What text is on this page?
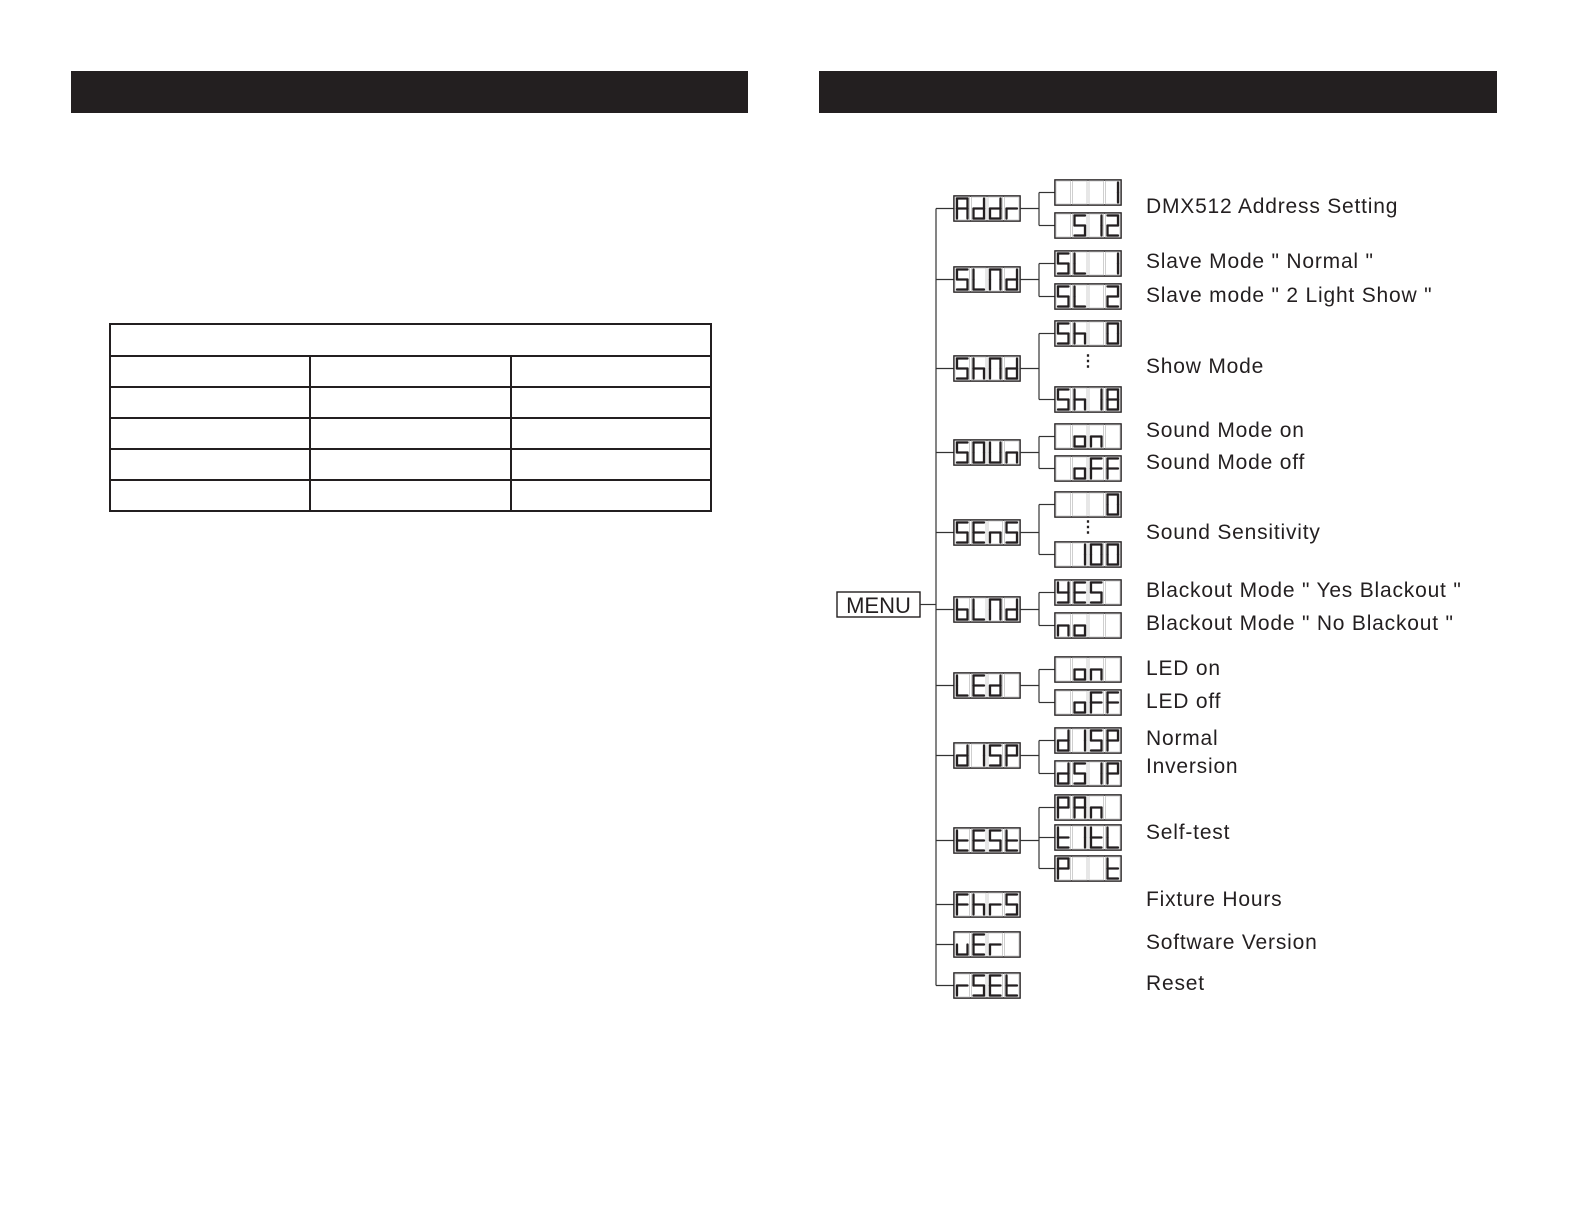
MENU
⋮
⋮
DMX512 Address Setting
Slave Mode " Normal "
Slave mode " 2 Light Show "
Show Mode
Sound Mode on
Sound Mode off
Sound Sensitivity
Blackout Mode " Yes Blackout "
Blackout Mode " No Blackout "
LED on
LED off
Normal
Inversion
Self-test
Fixture Hours
Software Version
Reset
